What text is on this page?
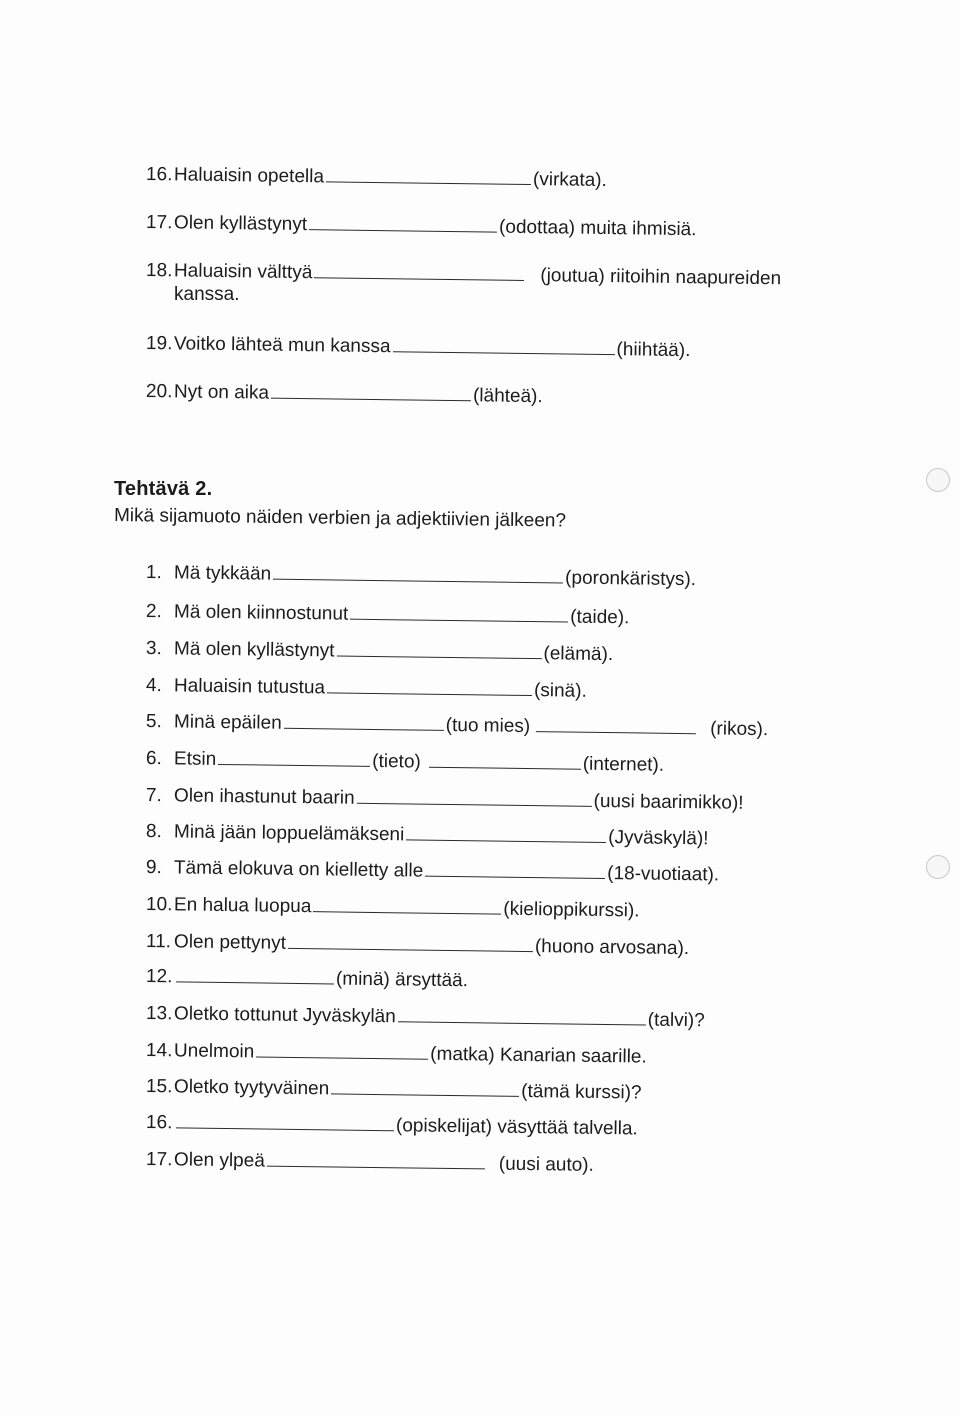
16.Haluaisin opetella	(virkata).
17.Olen kyllästynyt	(odottaa) muita ihmisiä.
18.Haluaisin välttyä	(joutua) riitoihin naapureiden
kanssa.
19.Voitko lähteä mun kanssa	(hiihtää).
20.Nyt on aika	(lähteä).
Tehtävä 2.
Mikä sijamuoto näiden verbien ja adjektiivien jälkeen?
1. Mä tykkään	(poronkäristys).
2. Mä olen kiinnostunut	(taide).
3. Mä olen kyllästynyt	(elämä).
4. Haluaisin tutustua	(sinä).
5. Minä epäilen	(tuo mies)	(rikos).
6. Etsin	(tieto)	(internet).
7. Olen ihastunut baarin	(uusi baarimikko)!
8. Minä jään loppuelämäkseni	(Jyväskylä)!
9. Tämä elokuva on kielletty alle	(18-vuotiaat).
10.En halua luopua	(kielioppikurssi).
11. Olen pettynyt	(huono arvosana).
12.	(minä) ärsyttää.
13.Oletko tottunut Jyväskylän	(talvi)?
14.Unelmoin	(matka) Kanarian saarille.
15.Oletko tyytyväinen	(tämä kurssi)?
16.	(opiskelijat) väsyttää talvella.
17.Olen ylpeä	(uusi auto).
